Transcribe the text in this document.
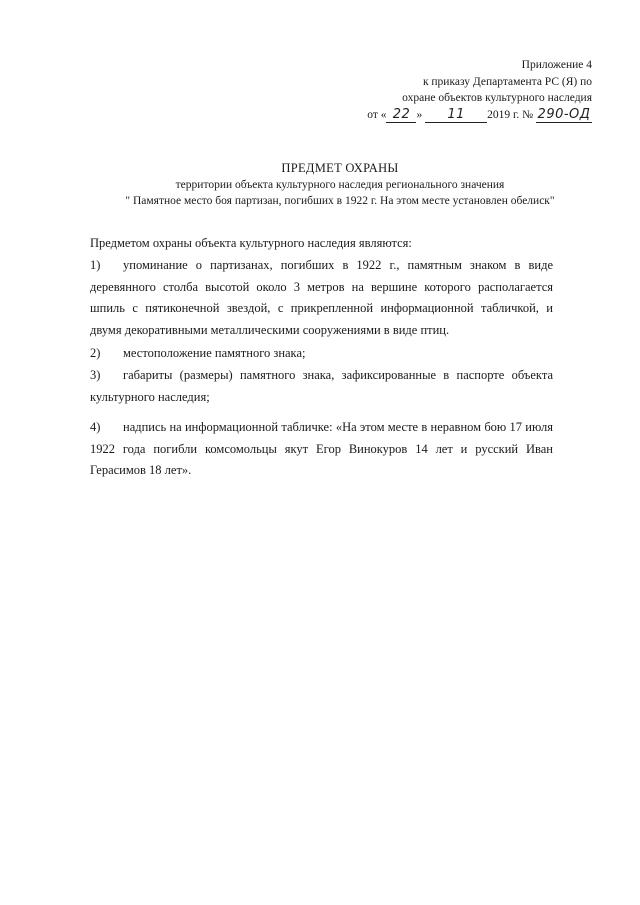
Приложение 4
к приказу Департамента РС (Я) по
охране объектов культурного наследия
от « 22 » 11 2019 г. № 290-ОД
ПРЕДМЕТ ОХРАНЫ
территории объекта культурного наследия регионального значения
" Памятное место боя партизан, погибших в 1922 г. На этом месте установлен обелиск"
Предметом охраны объекта культурного наследия являются:
1) упоминание о партизанах, погибших в 1922 г., памятным знаком в виде деревянного столба высотой около 3 метров на вершине которого располагается шпиль с пятиконечной звездой, с прикрепленной информационной табличкой, и двумя декоративными металлическими сооружениями в виде птиц.
2) местоположение памятного знака;
3) габариты (размеры) памятного знака, зафиксированные в паспорте объекта культурного наследия;
4) надпись на информационной табличке: «На этом месте в неравном бою 17 июля 1922 года погибли комсомольцы якут Егор Винокуров 14 лет и русский Иван Герасимов 18 лет».
